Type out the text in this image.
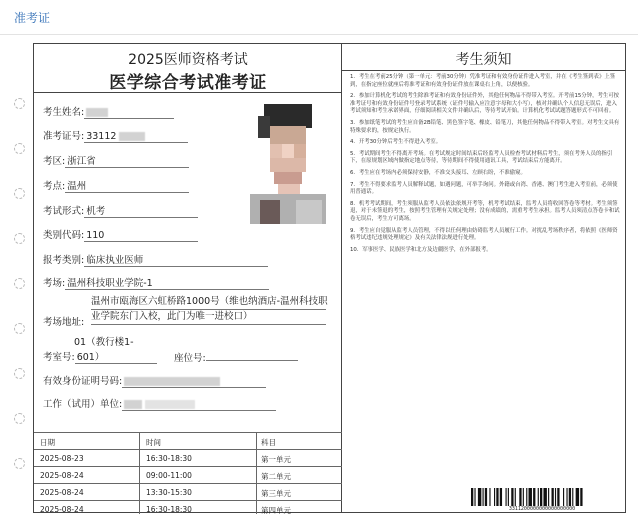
准考证
2025医师资格考试
医学综合考试准考证
考生姓名:
准考证号: 33112
考区: 浙江省
考点: 温州
考试形式: 机考
类别代码: 110
报考类别: 临床执业医师
考场: 温州科技职业学院-1
考场地址:
温州市瓯海区六虹桥路1000号（维也纳酒店-温州科技职业学院东门入校，此门为唯一进校口）
01（教行楼1-
考室号: 601）	座位号:
有效身份证明号码:
工作（试用）单位:
日期	时间	科目
2025-08-23	16:30-18:30	第一单元
2025-08-24	09:00-11:00	第二单元
2025-08-24	13:30-15:30	第三单元
2025-08-24	16:30-18:30	第四单元
考生须知

1．考生在考前25分钟（第一单元：考前30分钟）凭准考证和有效身份证件进入考室，并在《考生签到表》上签到，在指定座位就座后将准考证和有效身份证件放在课桌右上角，以便核验。

2．参加计算机化考试的考生除准考证和有效身份证件外，其他任何物品不得带入考室。开考前15分钟，考生可按准考证号和有效身份证件号登录考试系统（证件号输入应注意字母和大小写），核对并确认个人信息无误后，进入考试须知和考生承诺界面，仔细阅读相关文件并确认后，等待考试开始。计算机化考试试题答题形式不可回看。

3．参加纸笔考试的考生应自备2B铅笔、黑色签字笔、橡皮、铅笔刀，其他任何物品不得带入考室。对考生文具有特殊要求的，按规定执行。

4．开考30分钟后考生不得进入考室。

5．考试期间考生不得离开考场。在考试规定时间结束后经监考人员检查考试材料后考生，须在考务人员的指引下，在原规划区域内做指定地点等待，等待期间不得使用通讯工具，考试结束后方能离开。

6．考生应在考场内必须保持安静，不准交头接耳、左顾右盼，不准偷窥。

7．考生不得要求监考人员解释试题，如遇问题，可举手询问。外籍或台湾、香港、澳门考生进入考室前，必须使用普通话。

8．机考考试期间，考生须服从监考人员依法依规开考等，机考考试结束，监考人员将收回答卷等考材。考生须签退，对于未签退的考生，按照考生管理有关规定处理；没有成绩的，需重考考生承担。监考人员须清点答卷卡和试卷无误后，考生方可离场。

9．考生应自觉服从监考人员管理，不得以任何理由妨碍监考人员履行工作。对扰乱考场秩序者，将依照《医师资格考试违纪违规处理规定》及有关法律法规进行处理。

10．军事医学、民族医学和北方及边疆医学，在外部报考。

3311200000000000000000
